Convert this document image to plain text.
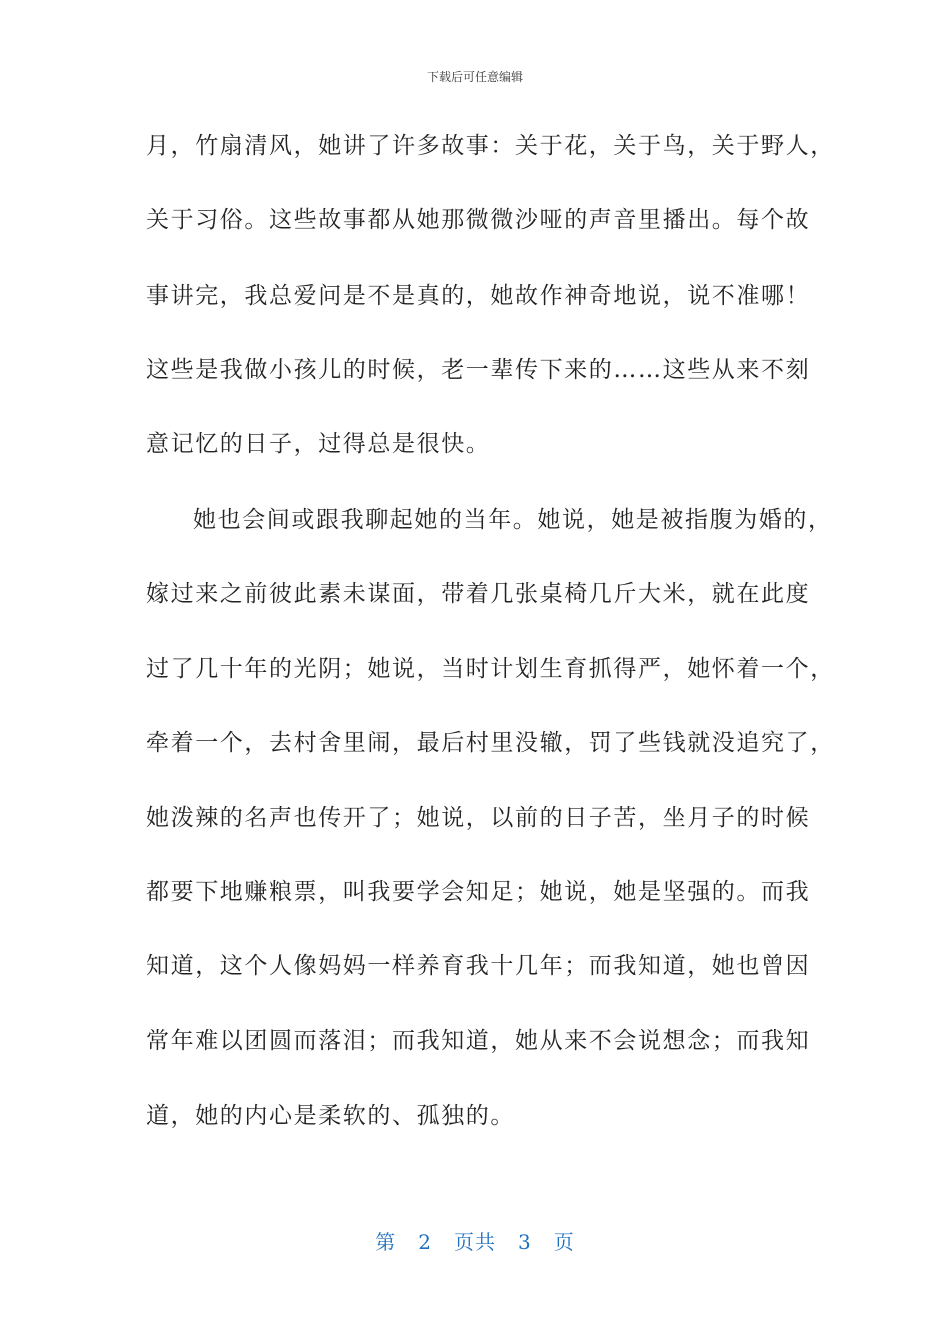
下载后可任意编辑
月，竹扇清风，她讲了许多故事：关于花，关于鸟，关于野人，
关于习俗。这些故事都从她那微微沙哑的声音里播出。每个故
事讲完，我总爱问是不是真的，她故作神奇地说，说不准哪！
这些是我做小孩儿的时候，老一辈传下来的……这些从来不刻
意记忆的日子，过得总是很快。
她也会间或跟我聊起她的当年。她说，她是被指腹为婚的，
嫁过来之前彼此素未谋面，带着几张桌椅几斤大米，就在此度
过了几十年的光阴；她说，当时计划生育抓得严，她怀着一个，
牵着一个，去村舍里闹，最后村里没辙，罚了些钱就没追究了，
她泼辣的名声也传开了；她说，以前的日子苦，坐月子的时候
都要下地赚粮票，叫我要学会知足；她说，她是坚强的。而我
知道，这个人像妈妈一样养育我十几年；而我知道，她也曾因
常年难以团圆而落泪；而我知道，她从来不会说想念；而我知
道，她的内心是柔软的、孤独的。
第 2 页共 3 页
